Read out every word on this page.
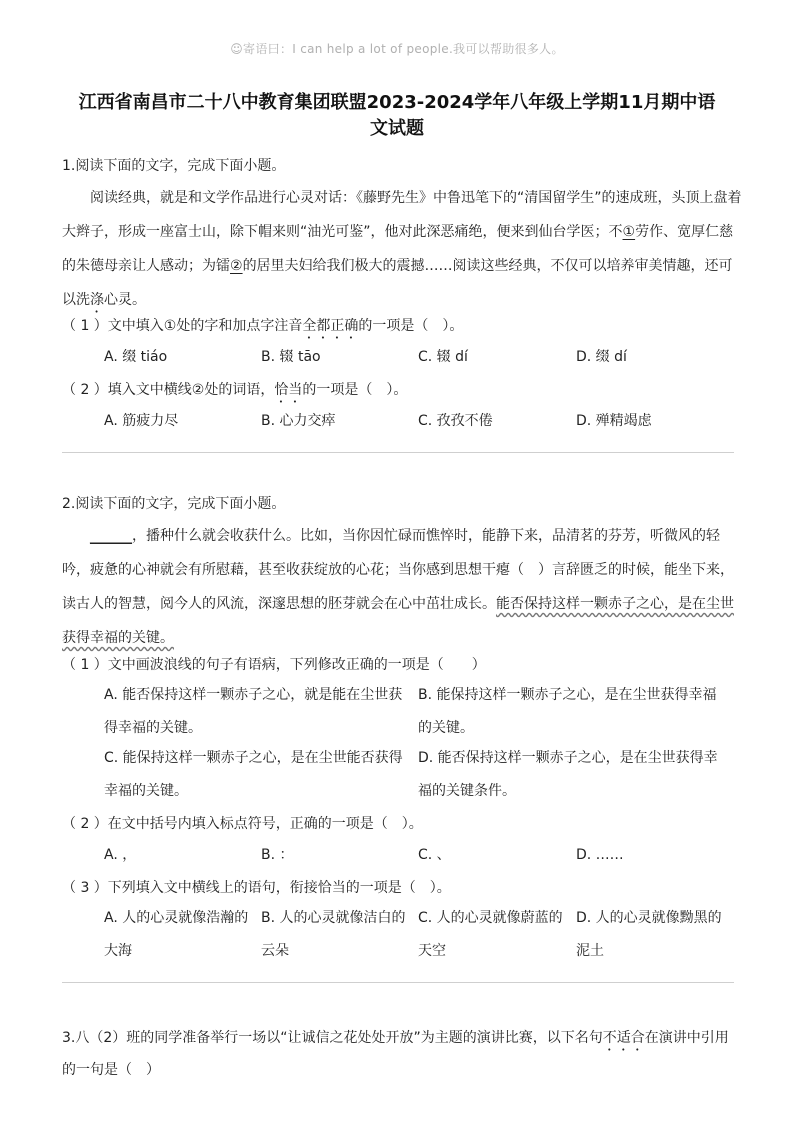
☺寄语曰：I can help a lot of people.我可以帮助很多人。
江西省南昌市二十八中教育集团联盟2023-2024学年八年级上学期11月期中语
文试题
1.阅读下面的文字，完成下面小题。
阅读经典，就是和文学作品进行心灵对话：《藤野先生》中鲁迅笔下的“清国留学生”的速成班，头顶上盘着大辫子，形成一座富士山，除下帽来则“油光可鉴”，他对此深恶痛绝，便来到仙台学医；不①劳作、宽厚仁慈的朱德母亲让人感动；为镭②的居里夫妇给我们极大的震撼……阅读这些经典，不仅可以培养审美情趣，还可以洗涤心灵。
（ 1 ）文中填入①处的字和加点字注音全都正确的一项是（　）。
A. 缀 tiáo	B. 辍 tāo	C. 辍 dí	D. 缀 dí
（ 2 ）填入文中横线②处的词语，恰当的一项是（　）。
A. 筋疲力尽	B. 心力交瘁	C. 孜孜不倦	D. 殚精竭虑
2.阅读下面的文字，完成下面小题。
______，播种什么就会收获什么。比如，当你因忙碌而憔悴时，能静下来，品清茗的芬芳，听微风的轻吟，疲惫的心神就会有所慰藉，甚至收获绽放的心花；当你感到思想干瘪（　）言辞匮乏的时候，能坐下来，读古人的智慧，阅今人的风流，深邃思想的胚芽就会在心中茁壮成长。能否保持这样一颗赤子之心，是在尘世获得幸福的关键。
（ 1 ）文中画波浪线的句子有语病，下列修改正确的一项是（　　）
A. 能否保持这样一颗赤子之心，就是能在尘世获得幸福的关键。
B. 能保持这样一颗赤子之心，是在尘世获得幸福的关键。
C. 能保持这样一颗赤子之心，是在尘世能否获得幸福的关键。
D. 能否保持这样一颗赤子之心，是在尘世获得幸福的关键条件。
（ 2 ）在文中括号内填入标点符号，正确的一项是（　）。
A. ，	B. ：	C. 、	D. ……
（ 3 ）下列填入文中横线上的语句，衔接恰当的一项是（　）。
A. 人的心灵就像浩瀚的大海
B. 人的心灵就像洁白的云朵
C. 人的心灵就像蔚蓝的天空
D. 人的心灵就像黝黑的泥土
3.八（2）班的同学准备举行一场以“让诚信之花处处开放”为主题的演讲比赛，以下名句不适合在演讲中引用的一句是（　）
